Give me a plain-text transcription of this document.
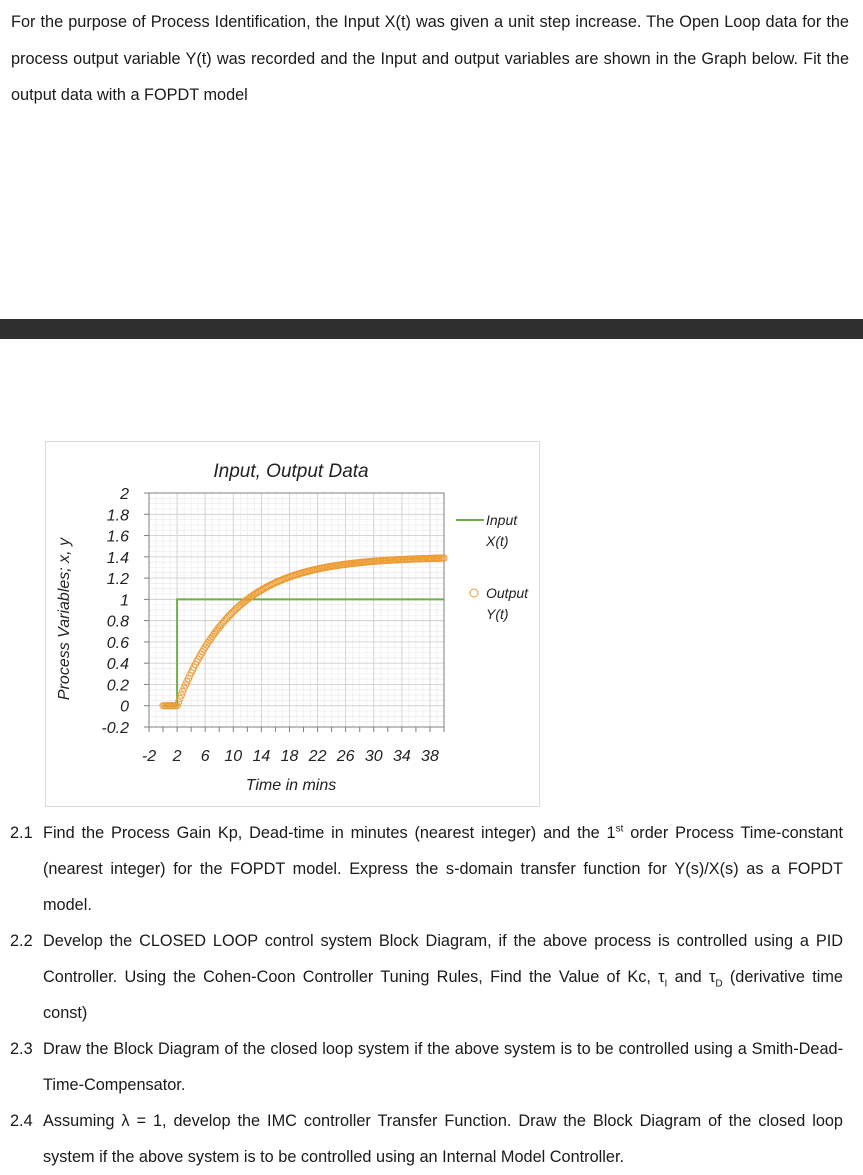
For the purpose of Process Identification, the Input X(t) was given a unit step increase. The Open Loop data for the process output variable Y(t) was recorded and the Input and output variables are shown in the Graph below. Fit the output data with a FOPDT model

2
1.8
1.6
1.4
1.2
1
0.8
0.6
0.4
0.2
0
-0.2
-2 2 6 10 14 18 22 26 30 34 38
Input, Output Data
Time in mins
Process Variables; x, y
Input
X(t)
Output
Y(t)
2.1 Find the Process Gain Kp, Dead-time in minutes (nearest integer) and the 1st order Process Time-constant (nearest integer) for the FOPDT model. Express the s-domain transfer function for Y(s)/X(s) as a FOPDT model.
2.2 Develop the CLOSED LOOP control system Block Diagram, if the above process is controlled using a PID Controller. Using the Cohen-Coon Controller Tuning Rules, Find the Value of Kc, $\tau_I$ and $\tau_D$ (derivative time const)
2.3 Draw the Block Diagram of the closed loop system if the above system is to be controlled using a Smith-Dead-Time-Compensator.
2.4 Assuming λ = 1, develop the IMC controller Transfer Function. Draw the Block Diagram of the closed loop system if the above system is to be controlled using an Internal Model Controller.
